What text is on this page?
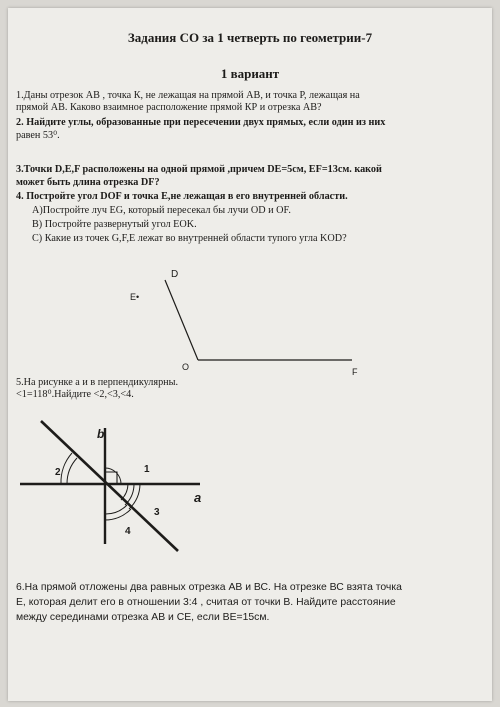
Задания СО за 1 четверть по геометрии-7
1 вариант
1.Даны отрезок АВ , точка К, не лежащая на прямой АВ, и точка Р, лежащая на
прямой АВ. Каково взаимное расположение прямой КР и отрезка АВ?
2. Найдите углы, образованные при пересечении двух прямых, если один из них
равен 53⁰.
3.Точки D,E,F расположены на одной прямой ,причем DE=5см, EF=13см. какой
может быть длина отрезка DF?
4. Постройте угол DOF и точка Е,не лежащая в его внутренней области.
А)Постройте луч EG, который пересекал бы лучи OD и OF.
В) Постройте развернутый угол EOK.
С) Какие из точек G,F,E лежат во внутренней области тупого угла KOD?
D
E•
O	F
5.На рисунке а и в перпендикулярны.
<1=118⁰.Найдите <2,<3,<4.
b
a
2	1
3
4
6.На прямой отложены два равных отрезка АВ и ВС. На отрезке ВС взята точка
Е, которая делит его в отношении 3:4 , считая от точки В. Найдите расстояние
между серединами отрезка АВ и СЕ, если ВЕ=15см.
